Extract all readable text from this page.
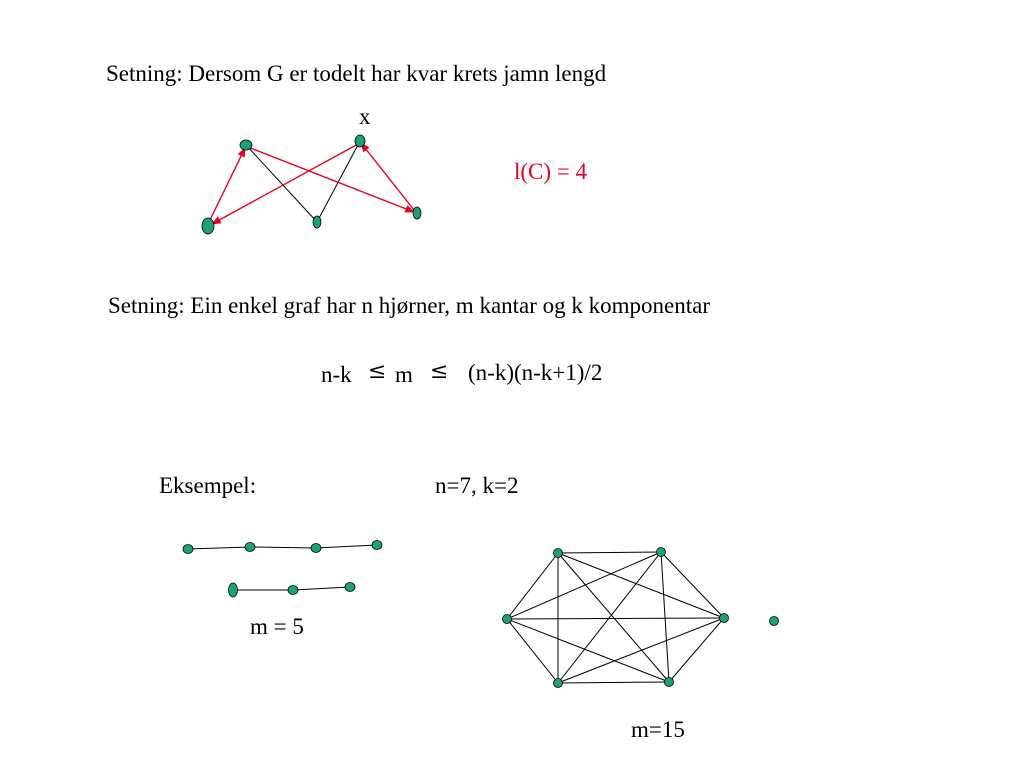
Setning: Dersom G er todelt har kvar krets jamn lengd
x
l(C) = 4
Setning: Ein enkel graf har n hjørner, m kantar og k komponentar
n-k ≤ m ≤ (n-k)(n-k+1)/2
Eksempel:	n=7, k=2
m = 5
m=15
